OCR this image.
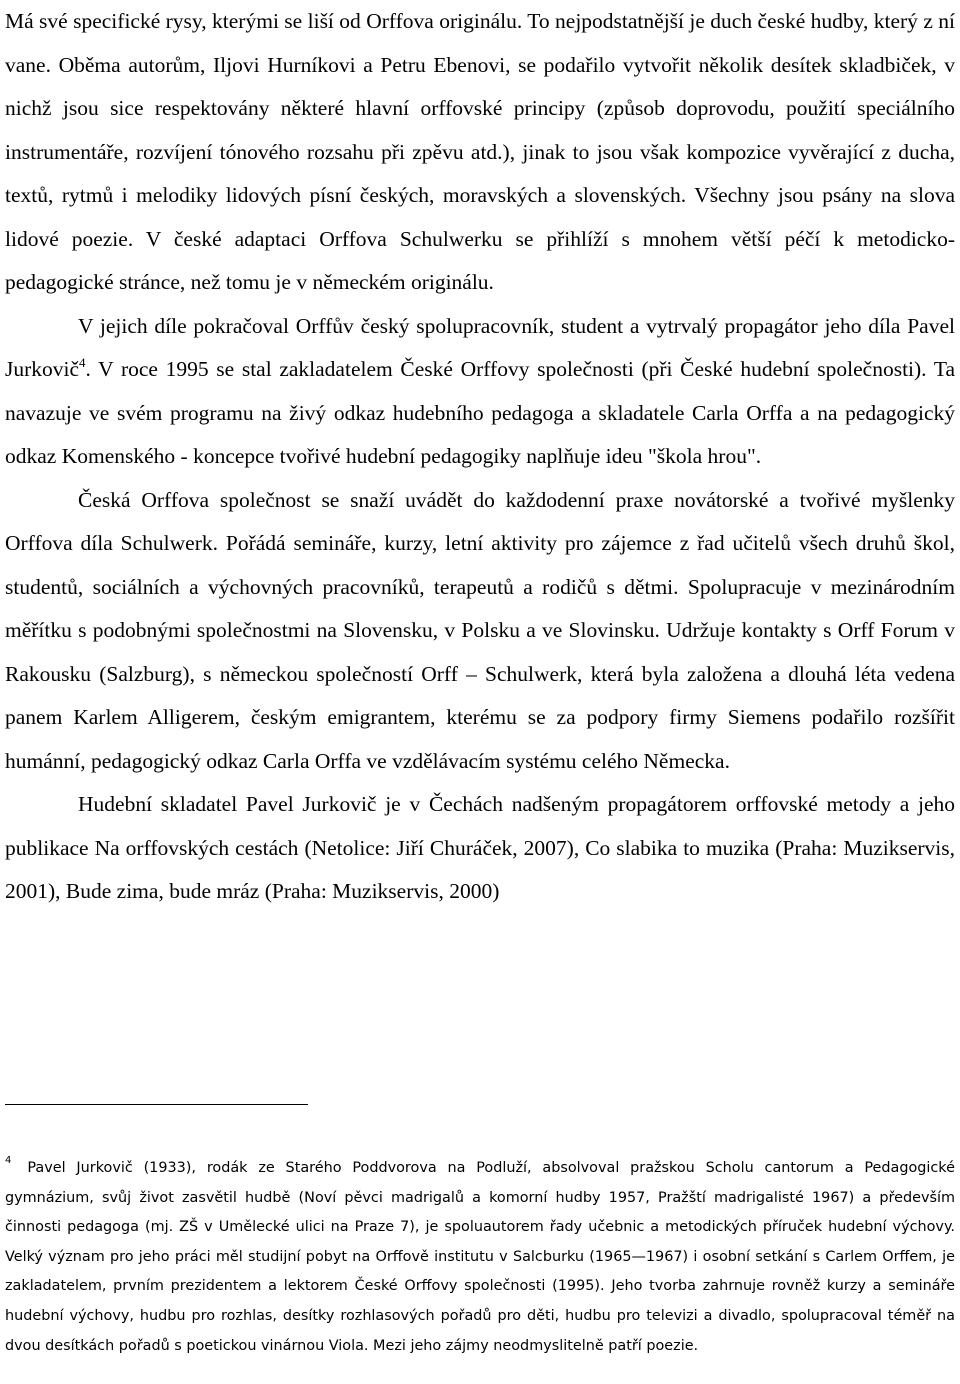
Má své specifické rysy, kterými se liší od Orffova originálu. To nejpodstatnější je duch české hudby, který z ní vane. Oběma autorům, Iljovi Hurníkovi a Petru Ebenovi, se podařilo vytvořit několik desítek skladbiček, v nichž jsou sice respektovány některé hlavní orffovské principy (způsob doprovodu, použití speciálního instrumentáře, rozvíjení tónového rozsahu při zpěvu atd.), jinak to jsou však kompozice vyvěrající z ducha, textů, rytmů i melodiky lidových písní českých, moravských a slovenských. Všechny jsou psány na slova lidové poezie. V české adaptaci Orffova Schulwerku se přihlíží s mnohem větší péčí k metodicko-pedagogické stránce, než tomu je v německém originálu.

V jejich díle pokračoval Orffův český spolupracovník, student a vytrvalý propagátor jeho díla Pavel Jurkovič$^4$. V roce 1995 se stal zakladatelem České Orffovy společnosti (při České hudební společnosti). Ta navazuje ve svém programu na živý odkaz hudebního pedagoga a skladatele Carla Orffa a na pedagogický odkaz Komenského - koncepce tvořivé hudební pedagogiky naplňuje ideu "škola hrou".

Česká Orffova společnost se snaží uvádět do každodenní praxe novátorské a tvořivé myšlenky Orffova díla Schulwerk. Pořádá semináře, kurzy, letní aktivity pro zájemce z řad učitelů všech druhů škol, studentů, sociálních a výchovných pracovníků, terapeutů a rodičů s dětmi. Spolupracuje v mezinárodním měřítku s podobnými společnostmi na Slovensku, v Polsku a ve Slovinsku. Udržuje kontakty s Orff Forum v Rakousku (Salzburg), s německou společností Orff – Schulwerk, která byla založena a dlouhá léta vedena panem Karlem Alligerem, českým emigrantem, kterému se za podpory firmy Siemens podařilo rozšířit humánní, pedagogický odkaz Carla Orffa ve vzdělávacím systému celého Německa.

Hudební skladatel Pavel Jurkovič je v Čechách nadšeným propagátorem orffovské metody a jeho publikace Na orffovských cestách (Netolice: Jiří Churáček, 2007), Co slabika to muzika (Praha: Muzikservis, 2001), Bude zima, bude mráz (Praha: Muzikservis, 2000)

$^4$ Pavel Jurkovič (1933), rodák ze Starého Poddvorova na Podluží, absolvoval pražskou Scholu cantorum a Pedagogické gymnázium, svůj život zasvětil hudbě (Noví pěvci madrigalů a komorní hudby 1957, Pražští madrigalisté 1967) a především činnosti pedagoga (mj. ZŠ v Umělecké ulici na Praze 7), je spoluautorem řady učebnic a metodických příruček hudební výchovy. Velký význam pro jeho práci měl studijní pobyt na Orffově institutu v Salcburku (1965—1967) i osobní setkání s Carlem Orffem, je zakladatelem, prvním prezidentem a lektorem České Orffovy společnosti (1995). Jeho tvorba zahrnuje rovněž kurzy a semináře hudební výchovy, hudbu pro rozhlas, desítky rozhlasových pořadů pro děti, hudbu pro televizi a divadlo, spolupracoval téměř na dvou desítkách pořadů s poetickou vinárnou Viola. Mezi jeho zájmy neodmyslitelně patří poezie.
